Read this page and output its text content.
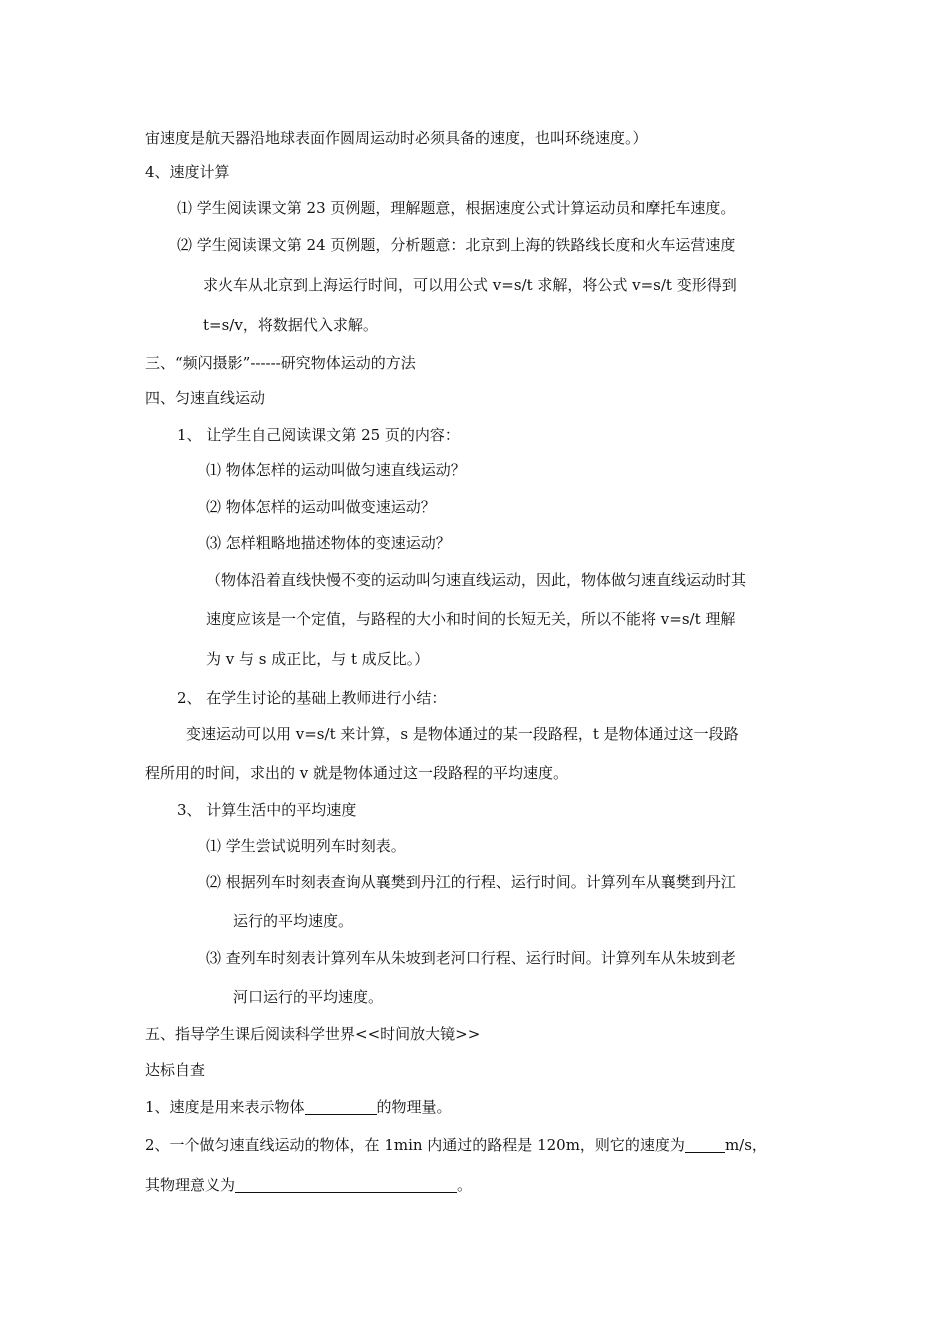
宙速度是航天器沿地球表面作圆周运动时必须具备的速度，也叫环绕速度。）
4、速度计算
⑴ 学生阅读课文第 23 页例题，理解题意，根据速度公式计算运动员和摩托车速度。
⑵ 学生阅读课文第 24 页例题，分析题意：北京到上海的铁路线长度和火车运营速度
求火车从北京到上海运行时间，可以用公式 v=s/t 求解，将公式 v=s/t 变形得到
t=s/v，将数据代入求解。
三、“频闪摄影”------研究物体运动的方法
四、匀速直线运动
1、 让学生自己阅读课文第 25 页的内容：
⑴ 物体怎样的运动叫做匀速直线运动？
⑵ 物体怎样的运动叫做变速运动？
⑶ 怎样粗略地描述物体的变速运动？
（物体沿着直线快慢不变的运动叫匀速直线运动，因此，物体做匀速直线运动时其
速度应该是一个定值，与路程的大小和时间的长短无关，所以不能将 v=s/t 理解
为 v 与 s 成正比，与 t 成反比。）
2、 在学生讨论的基础上教师进行小结：
变速运动可以用 v=s/t 来计算，s 是物体通过的某一段路程，t 是物体通过这一段路
程所用的时间，求出的 v 就是物体通过这一段路程的平均速度。
3、 计算生活中的平均速度
⑴ 学生尝试说明列车时刻表。
⑵ 根据列车时刻表查询从襄樊到丹江的行程、运行时间。计算列车从襄樊到丹江
运行的平均速度。
⑶ 查列车时刻表计算列车从朱坡到老河口行程、运行时间。计算列车从朱坡到老
河口运行的平均速度。
五、指导学生课后阅读科学世界<<时间放大镜>>
达标自查
1、速度是用来表示物体	的物理量。
2、一个做匀速直线运动的物体，在 1min 内通过的路程是 120m，则它的速度为	m/s，
其物理意义为	。
